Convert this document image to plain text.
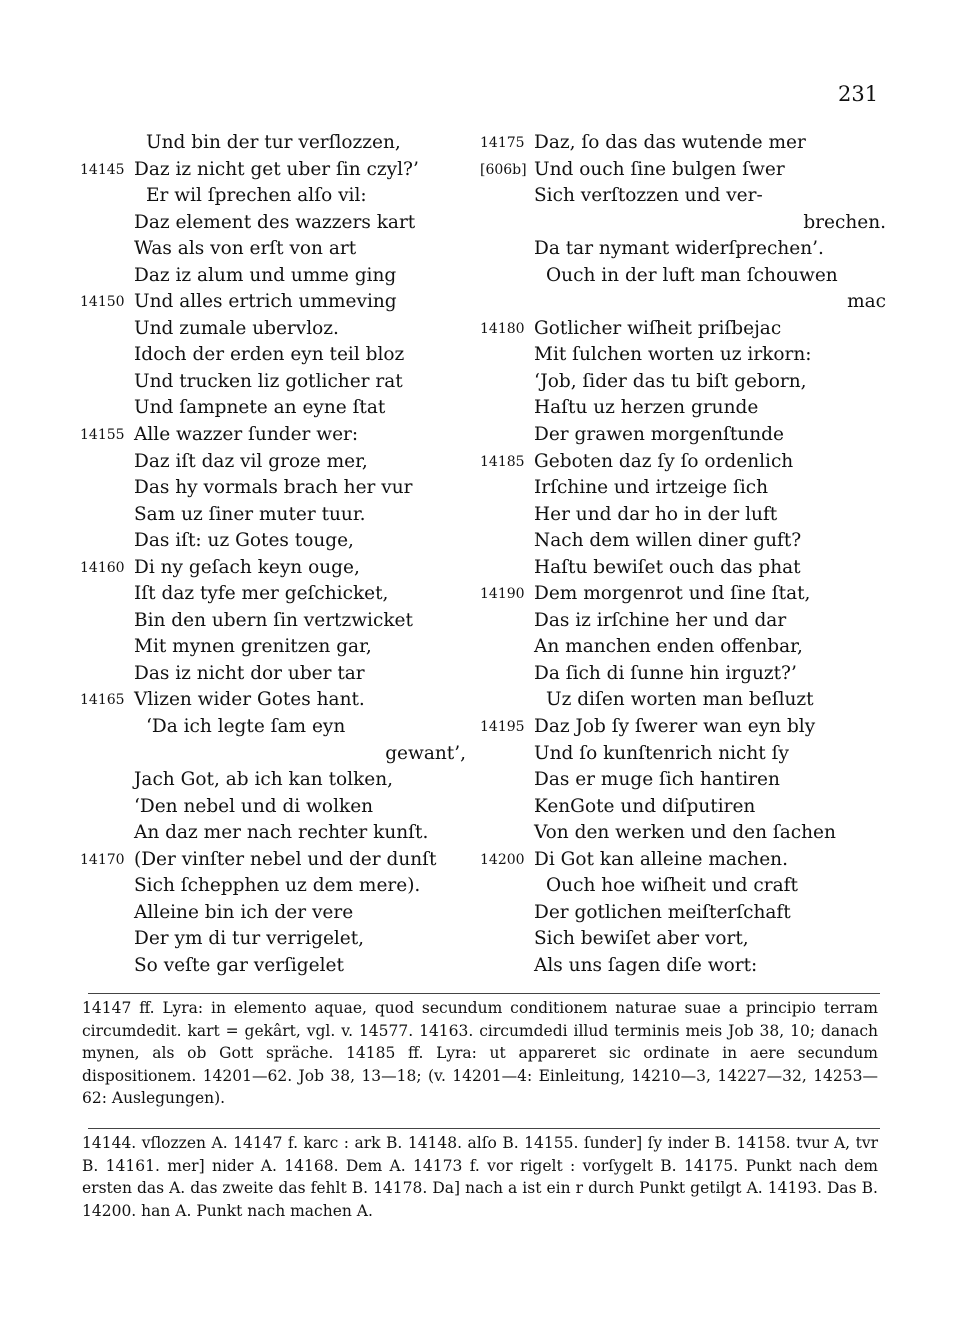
231
Und bin der tur verſlozzen,
14145 Daz iz nicht get uber ſin czyl?’
Er wil ſprechen alſo vil:
Daz element des wazzers kart
Was als von erſt von art
Daz iz alum und umme ging
14150 Und alles ertrich ummeving
Und zumale ubervloz.
Idoch der erden eyn teil bloz
Und trucken liz gotlicher rat
Und ſampnete an eyne ſtat
14155 Alle wazzer ſunder wer:
Daz iſt daz vil groze mer,
Das hy vormals brach her vur
Sam uz ſiner muter tuur.
Das iſt: uz Gotes touge,
14160 Di ny geſach keyn ouge,
Iſt daz tyfe mer geſchicket,
Bin den ubern ſin vertzwicket
Mit mynen grenitzen gar,
Das iz nicht dor uber tar
14165 Vlizen wider Gotes hant.
‘Da ich legte ſam eyn
gewant’,
Jach Got, ab ich kan tolken,
‘Den nebel und di wolken
An daz mer nach rechter kunſt.
14170 (Der vinſter nebel und der dunſt
Sich ſchepphen uz dem mere).
Alleine bin ich der vere
Der ym di tur verrigelet,
So veſte gar verſigelet
14175 Daz, ſo das das wutende mer
[606b] Und ouch ſine bulgen ſwer
Sich verſtozzen und ver-
brechen.
Da tar nymant widerſprechen’.
Ouch in der luft man ſchouwen
mac
14180 Gotlicher wiſheit priſbejac
Mit ſulchen worten uz irkorn:
‘Job, ſider das tu biſt geborn,
Haſtu uz herzen grunde
Der grawen morgenſtunde
14185 Geboten daz ſy ſo ordenlich
Irſchine und irtzeige ſich
Her und dar ho in der luft
Nach dem willen diner guft?
Haſtu bewiſet ouch das phat
14190 Dem morgenrot und ſine ſtat,
Das iz irſchine her und dar
An manchen enden offenbar,
Da ſich di ſunne hin irguzt?’
Uz diſen worten man beſluzt
14195 Daz Job ſy ſwerer wan eyn bly
Und ſo kunſtenrich nicht ſy
Das er muge ſich hantiren
KenGote und diſputiren
Von den werken und den ſachen
14200 Di Got kan alleine machen.
Ouch hoe wiſheit und craft
Der gotlichen meiſterſchaft
Sich bewiſet aber vort,
Als uns ſagen diſe wort:

14147 ff. Lyra: in elemento aquae, quod secundum conditionem naturae suae a principio terram circumdedit. kart = gekârt, vgl. v. 14577. 14163. circumdedi illud terminis meis Job 38, 10; danach mynen, als ob Gott spräche. 14185 ff. Lyra: ut appareret sic ordinate in aere secundum dispositionem. 14201—62. Job 38, 13—18; (v. 14201—4: Einleitung, 14210—3, 14227—32, 14253—62: Auslegungen).

14144. vſlozzen A. 14147 f. karc : ark B. 14148. alſo B. 14155. ſunder] ſy inder B. 14158. tvur A, tvr B. 14161. mer] nider A. 14168. Dem A. 14173 f. vor rigelt : vorſygelt B. 14175. Punkt nach dem ersten das A. das zweite das fehlt B. 14178. Da] nach a ist ein r durch Punkt getilgt A. 14193. Das B. 14200. han A. Punkt nach machen A.
